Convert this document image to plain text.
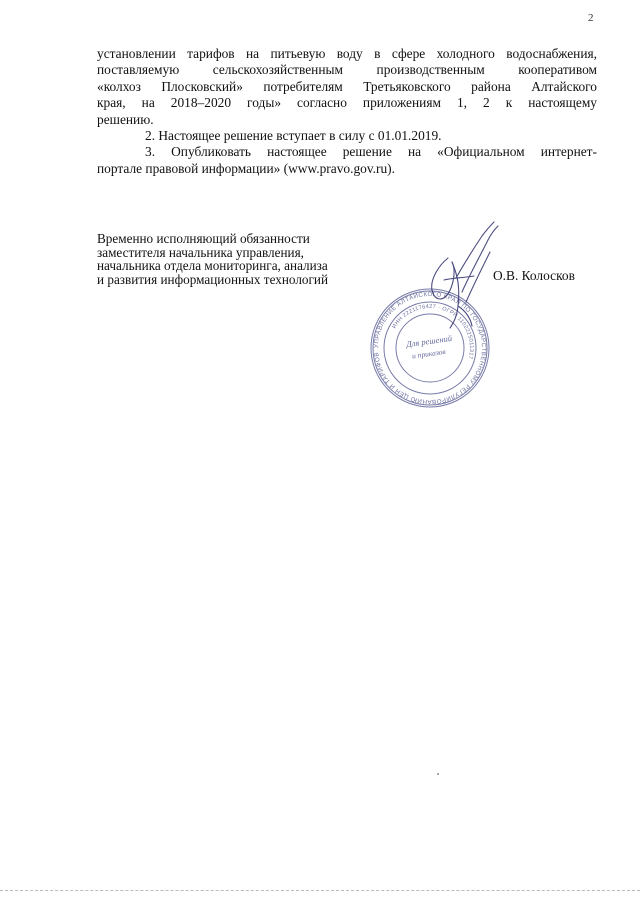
2

установлении тарифов на питьевую воду в сфере холодного водоснабжения,

поставляемую сельскохозяйственным производственным кооперативом

«колхоз Плосковский» потребителям Третьяковского района Алтайского

края, на 2018–2020 годы» согласно приложениям 1, 2 к настоящему

решению.

2. Настоящее решение вступает в силу с 01.01.2019.

3. Опубликовать настоящее решение на «Официальном интернет-

портале правовой информации» (www.pravo.gov.ru).

Временно исполняющий обязанности
заместителя начальника управления,
начальника отдела мониторинга, анализа
и развития информационных технологий	О.В. Колосков
УПРАВЛЕНИЕ АЛТАЙСКОГО КРАЯ ПО ГОСУДАРСТВЕННОМУ РЕГУЛИРОВАНИЮ ЦЕН И ТАРИФОВ
ИНН 2221176427 · ОГРН 1102225011317
Для решений
и приказов
